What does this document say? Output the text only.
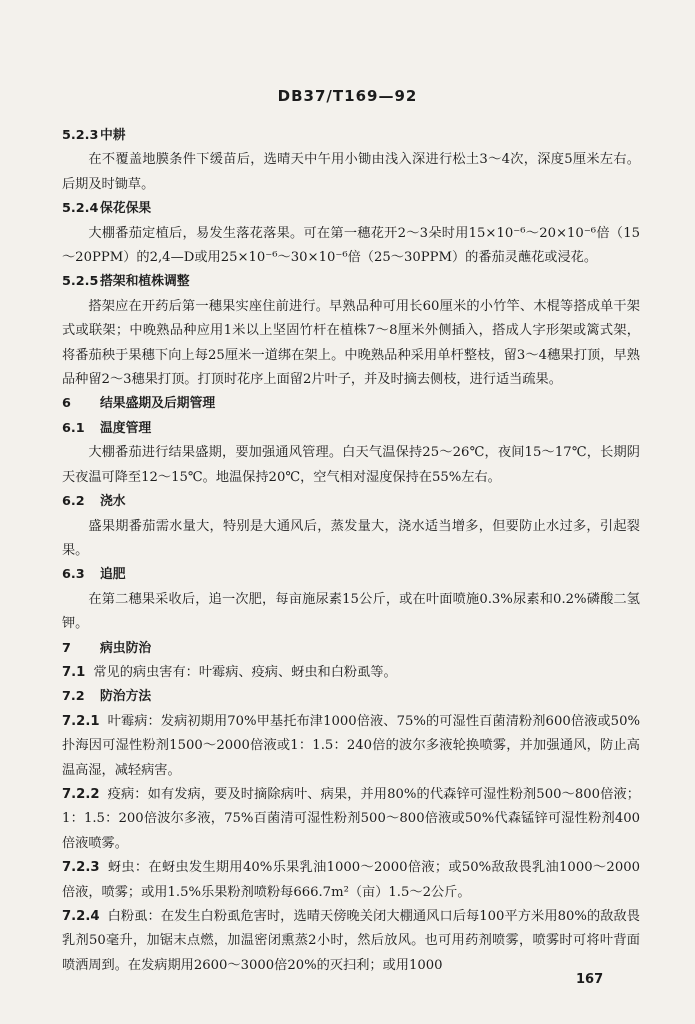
DB37/T169—92

5.2.3 中耕

在不覆盖地膜条件下缓苗后，选晴天中午用小锄由浅入深进行松土3～4次，深度5厘米左右。后期及时锄草。

5.2.4 保花保果

大棚番茄定植后，易发生落花落果。可在第一穗花开2～3朵时用15×10⁻⁶～20×10⁻⁶倍（15～20PPM）的2,4—D或用25×10⁻⁶～30×10⁻⁶倍（25～30PPM）的番茄灵蘸花或浸花。

5.2.5 搭架和植株调整

搭架应在开药后第一穗果实座住前进行。早熟品种可用长60厘米的小竹竿、木棍等搭成单干架式或联架；中晚熟品种应用1米以上坚固竹杆在植株7～8厘米外侧插入，搭成人字形架或篱式架，将番茄秧于果穗下向上每25厘米一道绑在架上。中晚熟品种采用单杆整枝，留3～4穗果打顶，早熟品种留2～3穗果打顶。打顶时花序上面留2片叶子，并及时摘去侧枝，进行适当疏果。

6 结果盛期及后期管理

6.1 温度管理

大棚番茄进行结果盛期，要加强通风管理。白天气温保持25～26℃，夜间15～17℃，长期阴天夜温可降至12～15℃。地温保持20℃，空气相对湿度保持在55%左右。

6.2 浇水

盛果期番茄需水量大，特别是大通风后，蒸发量大，浇水适当增多，但要防止水过多，引起裂果。

6.3 追肥

在第二穗果采收后，追一次肥，每亩施尿素15公斤，或在叶面喷施0.3%尿素和0.2%磷酸二氢钾。

7 病虫防治

7.1 常见的病虫害有：叶霉病、疫病、蚜虫和白粉虱等。

7.2 防治方法

7.2.1 叶霉病：发病初期用70%甲基托布津1000倍液、75%的可湿性百菌清粉剂600倍液或50%扑海因可湿性粉剂1500～2000倍液或1：1.5：240倍的波尔多液轮换喷雾，并加强通风，防止高温高湿，减轻病害。

7.2.2 疫病：如有发病，要及时摘除病叶、病果，并用80%的代森锌可湿性粉剂500～800倍液；1：1.5：200倍波尔多液，75%百菌清可湿性粉剂500～800倍液或50%代森锰锌可湿性粉剂400倍液喷雾。

7.2.3 蚜虫：在蚜虫发生期用40%乐果乳油1000～2000倍液；或50%敌敌畏乳油1000～2000倍液，喷雾；或用1.5%乐果粉剂喷粉每666.7m²（亩）1.5～2公斤。

7.2.4 白粉虱：在发生白粉虱危害时，选晴天傍晚关闭大棚通风口后每100平方米用80%的敌敌畏乳剂50毫升，加锯末点燃，加温密闭熏蒸2小时，然后放风。也可用药剂喷雾，喷雾时可将叶背面喷洒周到。在发病期用2600～3000倍20%的灭扫利；或用1000

167
